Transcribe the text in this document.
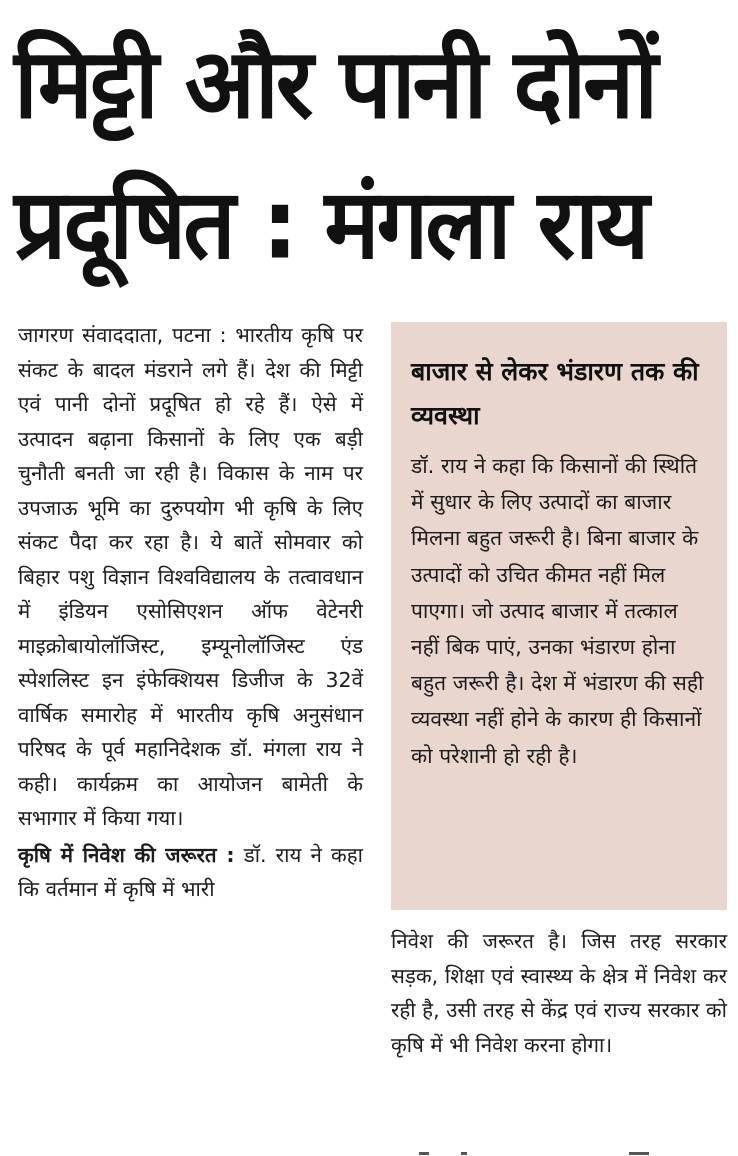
मिट्टी और पानी दोनों
प्रदूषित : मंगला राय

जागरण संवाददाता, पटना : भारतीय कृषि पर संकट के बादल मंडराने लगे हैं। देश की मिट्टी एवं पानी दोनों प्रदूषित हो रहे हैं। ऐसे में उत्पादन बढ़ाना किसानों के लिए एक बड़ी चुनौती बनती जा रही है। विकास के नाम पर उपजाऊ भूमि का दुरुपयोग भी कृषि के लिए संकट पैदा कर रहा है। ये बातें सोमवार को बिहार पशु विज्ञान विश्वविद्यालय के तत्वावधान में इंडियन एसोसिएशन ऑफ वेटेनरी माइक्रोबायोलॉजिस्ट, इम्यूनोलॉजिस्ट एंड स्पेशलिस्ट इन इंफेक्शियस डिजीज के 32वें वार्षिक समारोह में भारतीय कृषि अनुसंधान परिषद के पूर्व महानिदेशक डॉ. मंगला राय ने कही। कार्यक्रम का आयोजन बामेती के सभागार में किया गया।

कृषि में निवेश की जरूरत : डॉ. राय ने कहा कि वर्तमान में कृषि में भारी

बाजार से लेकर भंडारण तक की व्यवस्था
डॉ. राय ने कहा कि किसानों की स्थिति में सुधार के लिए उत्पादों का बाजार मिलना बहुत जरूरी है। बिना बाजार के उत्पादों को उचित कीमत नहीं मिल पाएगा। जो उत्पाद बाजार में तत्काल नहीं बिक पाएं, उनका भंडारण होना बहुत जरूरी है। देश में भंडारण की सही व्यवस्था नहीं होने के कारण ही किसानों को परेशानी हो रही है।

निवेश की जरूरत है। जिस तरह सरकार सड़क, शिक्षा एवं स्वास्थ्य के क्षेत्र में निवेश कर रही है, उसी तरह से केंद्र एवं राज्य सरकार को कृषि में भी निवेश करना होगा।
